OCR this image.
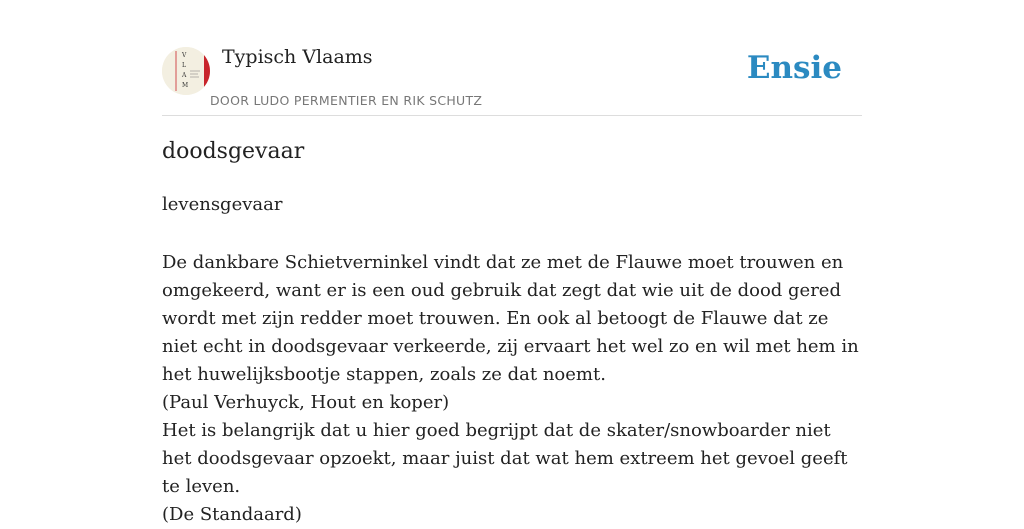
V
L
A
M
Typisch Vlaams
DOOR LUDO PERMENTIER EN RIK SCHUTZ
Ensie
doodsgevaar
levensgevaar

De dankbare Schietverninkel vindt dat ze met de Flauwe moet trouwen en omgekeerd, want er is een oud gebruik dat zegt dat wie uit de dood gered wordt met zijn redder moet trouwen. En ook al betoogt de Flauwe dat ze niet echt in doodsgevaar verkeerde, zij ervaart het wel zo en wil met hem in het huwelijksbootje stappen, zoals ze dat noemt.

(Paul Verhuyck, Hout en koper)

Het is belangrijk dat u hier goed begrijpt dat de skater/snowboarder niet het doodsgevaar opzoekt, maar juist dat wat hem extreem het gevoel geeft te leven.

(De Standaard)
